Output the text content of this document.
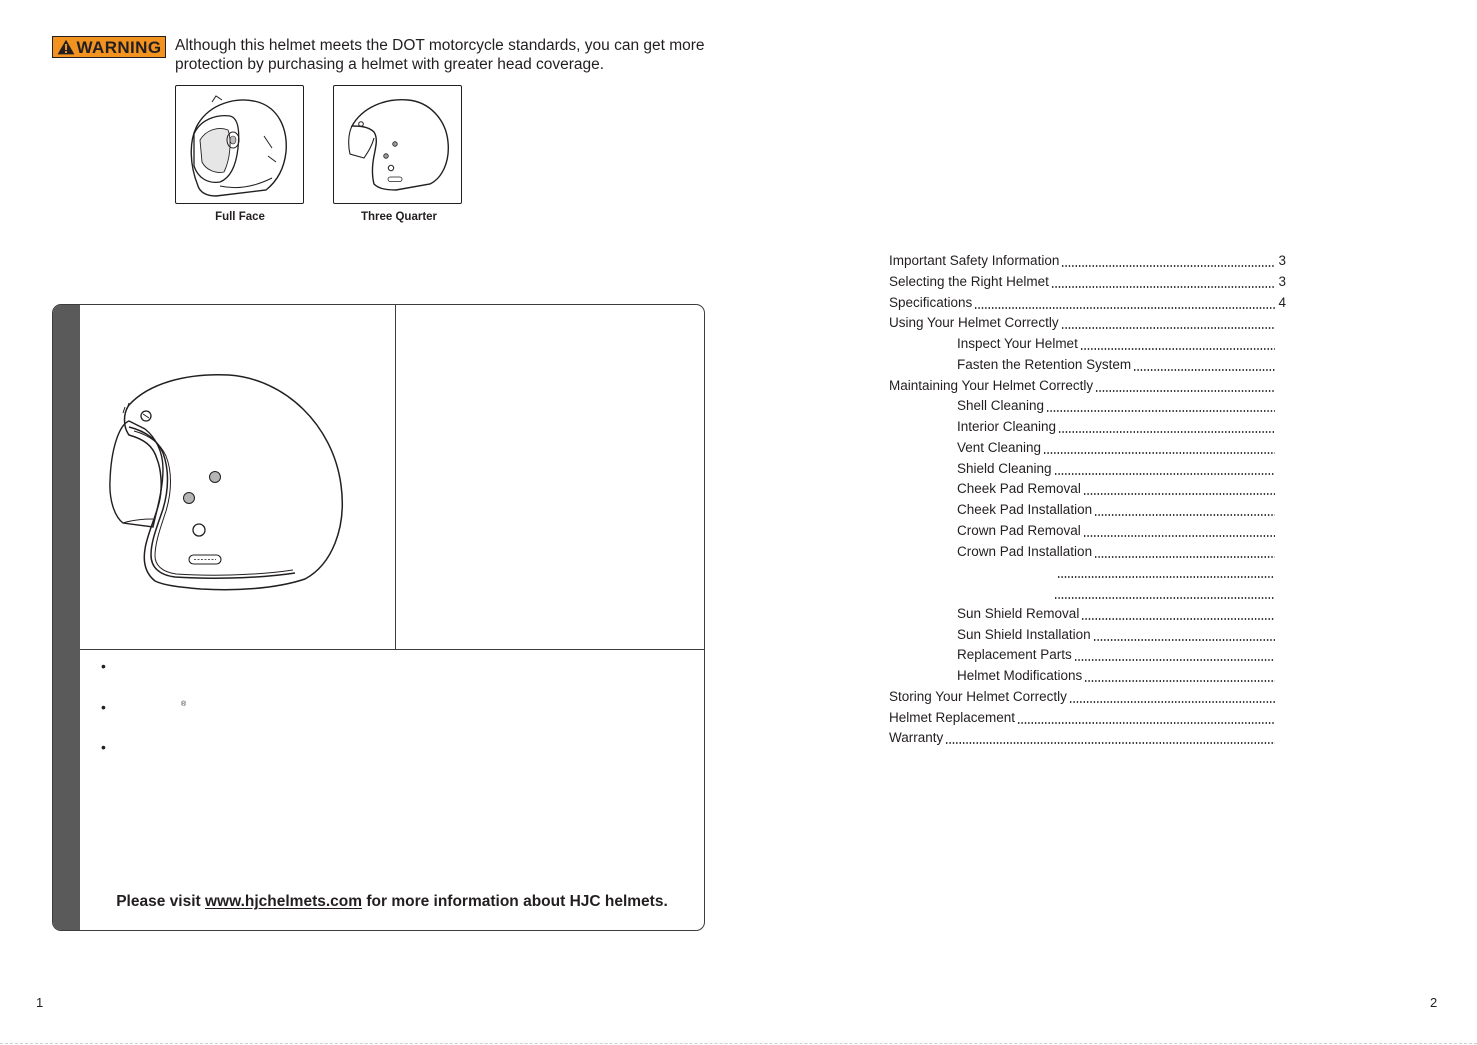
WARNING Although this helmet meets the DOT motorcycle standards, you can get more protection by purchasing a helmet with greater head coverage.

Full Face	Three Quarter
•
•	®
•
Please visit www.hjchelmets.com for more information about HJC helmets.
Important Safety Information	3
Selecting the Right Helmet	3
Specifications	4
Using Your Helmet Correctly
Inspect Your Helmet
Fasten the Retention System
Maintaining Your Helmet Correctly
Shell Cleaning
Interior Cleaning
Vent Cleaning
Shield Cleaning
Cheek Pad Removal
Cheek Pad Installation
Crown Pad Removal
Crown Pad Installation
Sun Shield Removal
Sun Shield Installation
Replacement Parts
Helmet Modifications
Storing Your Helmet Correctly
Helmet Replacement
Warranty
1	2
